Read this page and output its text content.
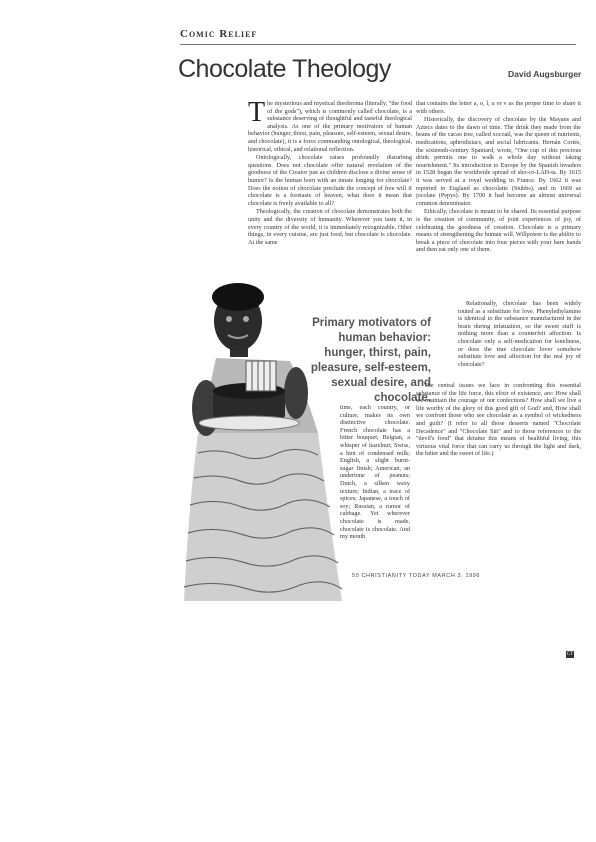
Comic Relief
Chocolate Theology	David Augsburger

The mysterious and mystical theobroma (literally, "the food of the gods"), which is commonly called chocolate, is a substance deserving of thoughtful and tasteful theological analysis. As one of the primary motivators of human behavior (hunger, thirst, pain, pleasure, self-esteem, sexual desire, and chocolate), it is a force commanding ontological, theological, historical, ethical, and relational reflection.

Ontologically, chocolate raises profoundly disturbing questions. Does not chocolate offer natural revelation of the goodness of the Creator just as children disclose a divine sense of humor? Is the human born with an innate longing for chocolate? Does the notion of chocolate preclude the concept of free will if chocolate is a foretaste of heaven, what does it mean that chocolate is freely available to all?

Theologically, the creation of chocolate demonstrates both the unity and the diversity of humanity. Wherever you taste it, in every country of the world, it is immediately recognizable. Other things, in every cuisine, are just food, but chocolate is chocolate. At the same

Primary motivators of human behavior: hunger, thirst, pain, pleasure, self-esteem, sexual desire, and chocolate.

time, each country, or culture, makes its own distinctive chocolate. French chocolate has a bitter bouquet; Belgian, a whisper of hazelnut; Swiss, a hint of condensed milk; English, a slight burnt-sugar finish; American, an undertone of peanuts; Dutch, a silken waxy texture; Indian, a trace of spices; Japanese, a touch of soy; Russian, a rumor of cabbage. Yet wherever chocolate is made, chocolate is chocolate. And my mouth

that contains the letter a, o, l, u or v as the proper time to share it with others.

Historically, the discovery of chocolate by the Mayans and Aztecs dates to the dawn of time. The drink they made from the beans of the cacao tree, called xocoatl, was the queen of nutrients, medications, aphrodisiacs, and social lubricants. Hernán Cortés, the sixteenth-century Spaniard, wrote, "One cup of this precious drink permits one to walk a whole day without taking nourishment." Its introduction to Europe by the Spanish invaders in 1528 began the worldwide spread of sho-co-LAH-ta. By 1615 it was served at a royal wedding in France. By 1662 it was reported in England as chocolatte (Stubbs), and in 1669 as jocolate (Pepys). By 1700 it had become an almost universal common denominator.

Ethically, chocolate is meant to be shared. Its essential purpose is the creation of community, of joint experiences of joy, of celebrating the goodness of creation. Chocolate is a primary means of strengthening the human will. Willpower is the ability to break a piece of chocolate into four pieces with your bare hands and then eat only one of them.

Relationally, chocolate has been widely touted as a substitute for love. Phenylethylamine is identical to the substance manufactured in the brain during infatuation, so the sweet stuff is nothing more than a counterfeit affection. Is chocolate only a self-medication for loneliness, or does the true chocolate lover somehow substitute love and affection for the real joy of chocolate?

The central issues we face in confronting this essential substance of the life force, this elixir of existence, are: How shall we maintain the courage of our confections? How shall we live a life worthy of the glory of this good gift of God? and, How shall we confront those who see chocolate as a symbol of wickedness and guilt? (I refer to all those desserts named "Chocolate Decadence" and "Chocolate Sin" and to those references to the "devil's food" that defame this means of healthful living, this virtuous vital force that can carry us through the light and dark, the bitter and the sweet of life.)

50 CHRISTIANITY TODAY MARCH 3, 1996
CT
